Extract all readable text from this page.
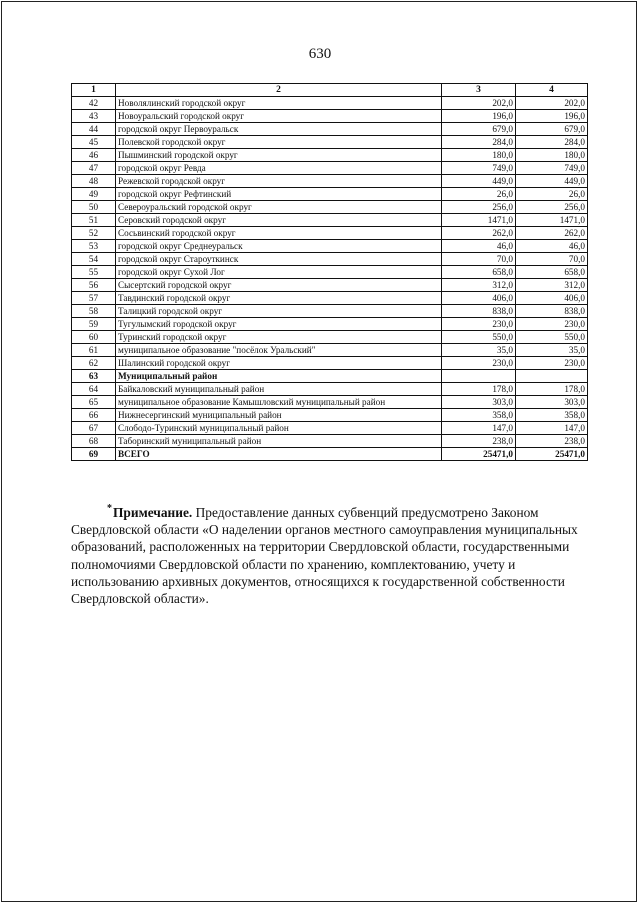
630
1	2	3	4
42	Новолялинский городской округ	202,0	202,0
43	Новоуральский городской округ	196,0	196,0
44	городской округ Первоуральск	679,0	679,0
45	Полевской городской округ	284,0	284,0
46	Пышминский городской округ	180,0	180,0
47	городской округ Ревда	749,0	749,0
48	Режевской городской округ	449,0	449,0
49	городской округ Рефтинский	26,0	26,0
50	Североуральский городской округ	256,0	256,0
51	Серовский городской округ	1471,0	1471,0
52	Сосьвинский городской округ	262,0	262,0
53	городской округ Среднеуральск	46,0	46,0
54	городской округ Староуткинск	70,0	70,0
55	городской округ Сухой Лог	658,0	658,0
56	Сысертский городской округ	312,0	312,0
57	Тавдинский городской округ	406,0	406,0
58	Талицкий городской округ	838,0	838,0
59	Тугулымский городской округ	230,0	230,0
60	Туринский городской округ	550,0	550,0
61	муниципальное образование "посёлок Уральский"	35,0	35,0
62	Шалинский городской округ	230,0	230,0
63	Муниципальный район		
64	Байкаловский муниципальный район	178,0	178,0
65	муниципальное образование Камышловский муниципальный район	303,0	303,0
66	Нижнесергинский муниципальный район	358,0	358,0
67	Слободо-Туринский муниципальный район	147,0	147,0
68	Таборинский муниципальный район	238,0	238,0
69	ВСЕГО	25471,0	25471,0
*Примечание. Предоставление данных субвенций предусмотрено Законом
Свердловской области «О наделении органов местного самоуправления муниципальных
образований, расположенных на территории Свердловской области, государственными
полномочиями Свердловской области по хранению, комплектованию, учету и
использованию архивных документов, относящихся к государственной собственности
Свердловской области».
